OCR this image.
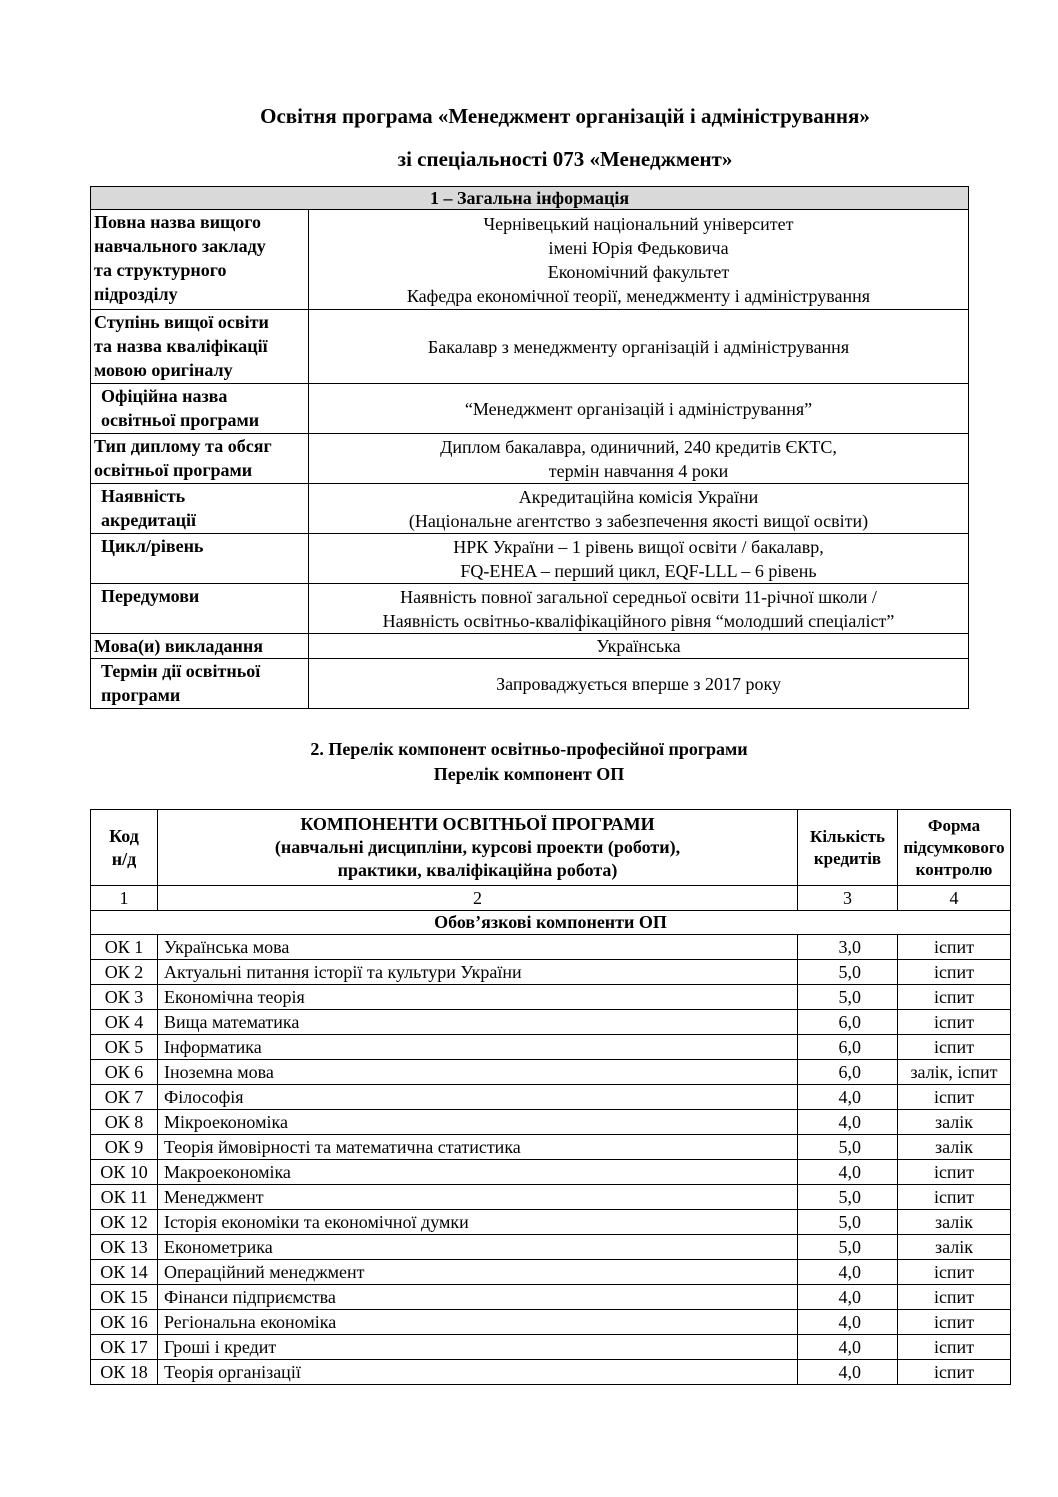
Освітня програма «Менеджмент організацій і адміністрування»
зі спеціальності 073 «Менеджмент»
1 – Загальна інформація	

Повна назва вищого
навчального закладу
та структурного
підрозділу	Чернівецький національний університет
імені Юрія Федьковича
Економічний факультет
Кафедра економічної теорії, менеджменту і адміністрування

Ступінь вищої освіти
та назва кваліфікації
мовою оригіналу	Бакалавр з менеджменту організацій і адміністрування

Офіційна назва
освітньої програми	“Менеджмент організацій і адміністрування”

Тип диплому та обсяг
освітньої програми	Диплом бакалавра, одиничний, 240 кредитів ЄКТС,
термін навчання 4 роки

Наявність
акредитації	Акредитаційна комісія України
(Національне агентство з забезпечення якості вищої освіти)

Цикл/рівень	НРК України – 1 рівень вищої освіти / бакалавр,
FQ-EHEA – перший цикл, EQF-LLL – 6 рівень

Передумови	Наявність повної загальної середньої освіти 11-річної школи /
Наявність освітньо-кваліфікаційного рівня “молодший спеціаліст”

Мова(и) викладання	Українська

Термін дії освітньої
програми	Запроваджується вперше з 2017 року
2. Перелік компонент освітньо-професійної програми
Перелік компонент ОП
Код
н/д	КОМПОНЕНТИ ОСВІТНЬОЇ ПРОГРАМИ
(навчальні дисципліни, курсові проекти (роботи),
практики, кваліфікаційна робота)	Кількість
кредитів	Форма
підсумкового
контролю

1	2	3	4
Обов’язкові компоненти ОП			
ОК 1	Українська мова	3,0	іспит
ОК 2	Актуальні питання історії та культури України	5,0	іспит
ОК 3	Економічна теорія	5,0	іспит
ОК 4	Вища математика	6,0	іспит
ОК 5	Інформатика	6,0	іспит
ОК 6	Іноземна мова	6,0	залік, іспит
ОК 7	Філософія	4,0	іспит
ОК 8	Мікроекономіка	4,0	залік
ОК 9	Теорія ймовірності та математична статистика	5,0	залік
ОК 10	Макроекономіка	4,0	іспит
ОК 11	Менеджмент	5,0	іспит
ОК 12	Історія економіки та економічної думки	5,0	залік
ОК 13	Економетрика	5,0	залік
ОК 14	Операційний менеджмент	4,0	іспит
ОК 15	Фінанси підприємства	4,0	іспит
ОК 16	Регіональна економіка	4,0	іспит
ОК 17	Гроші і кредит	4,0	іспит
ОК 18	Теорія організації	4,0	іспит
